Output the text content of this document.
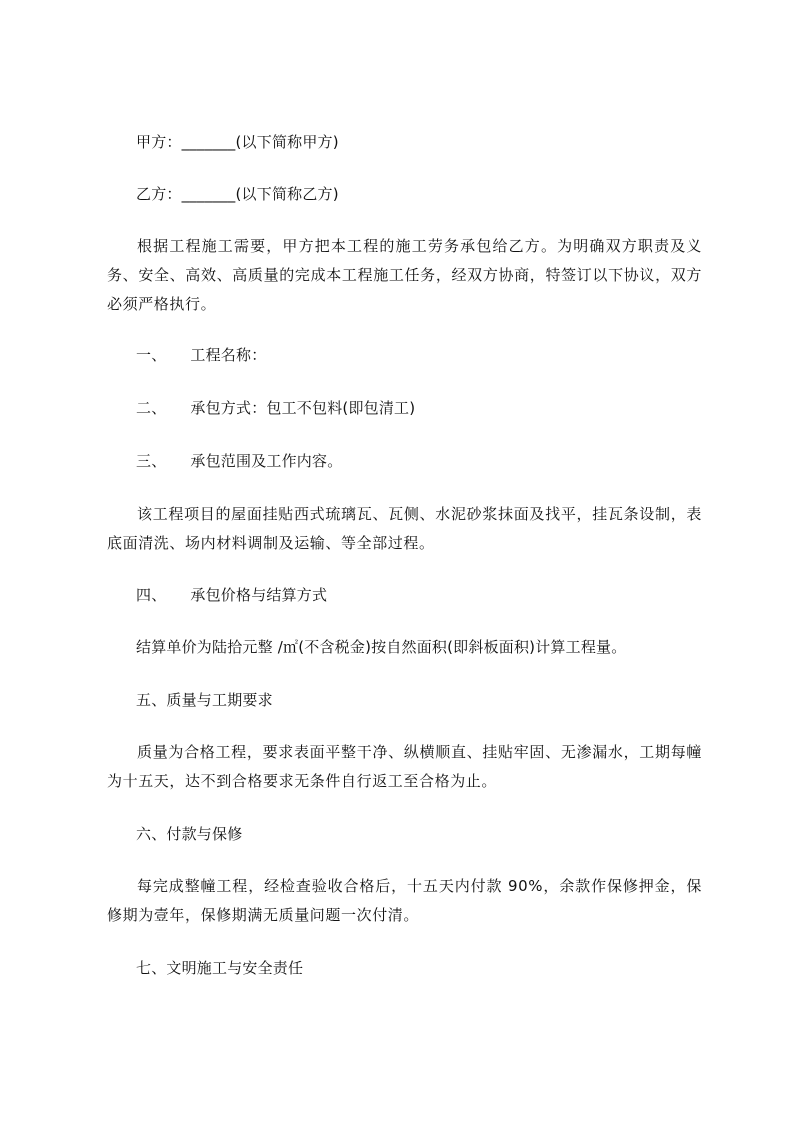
甲方：_______(以下简称甲方)
乙方：_______(以下简称乙方)
根据工程施工需要，甲方把本工程的施工劳务承包给乙方。为明确双方职责及义务、安全、高效、高质量的完成本工程施工任务，经双方协商，特签订以下协议，双方必须严格执行。
一、 工程名称：
二、 承包方式：包工不包料(即包清工)
三、 承包范围及工作内容。
该工程项目的屋面挂贴西式琉璃瓦、瓦侧、水泥砂浆抹面及找平，挂瓦条设制，表底面清洗、场内材料调制及运输、等全部过程。
四、 承包价格与结算方式
结算单价为陆拾元整 /㎡(不含税金)按自然面积(即斜板面积)计算工程量。
五、质量与工期要求
质量为合格工程，要求表面平整干净、纵横顺直、挂贴牢固、无渗漏水，工期每幢为十五天，达不到合格要求无条件自行返工至合格为止。
六、付款与保修
每完成整幢工程，经检查验收合格后，十五天内付款 90%，余款作保修押金，保修期为壹年，保修期满无质量问题一次付清。
七、文明施工与安全责任
